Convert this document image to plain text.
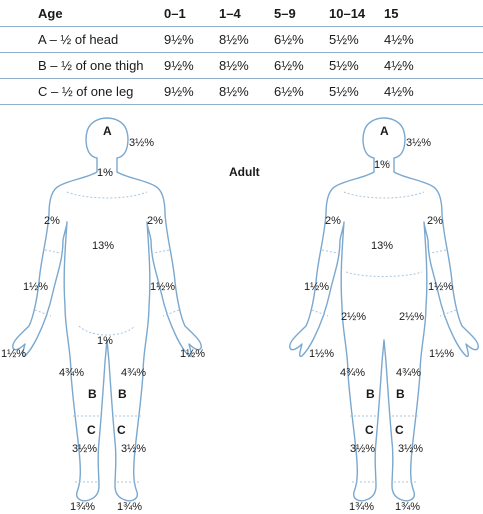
Age	0–1	1–4	5–9	10–14	15
A – ½ of head	9½%	8½%	6½%	5½%	4½%
B – ½ of one thigh	9½%	8½%	6½%	5½%	4½%
C – ½ of one leg	9½%	8½%	6½%	5½%	4½%
A
3½%
1%
2%	2%
13%
1½%	1½%
1½%	1½%
1%
4¾%	4¾%
B B
C C
3½% 3½%
1¾% 1¾%
Adult
A
3½%
1%
2%	2%
13%
1½%	1½%
2½%	2½%
1½%	1½%
4¾%	4¾%
B B
C C
3½% 3½%
1¾% 1¾%
